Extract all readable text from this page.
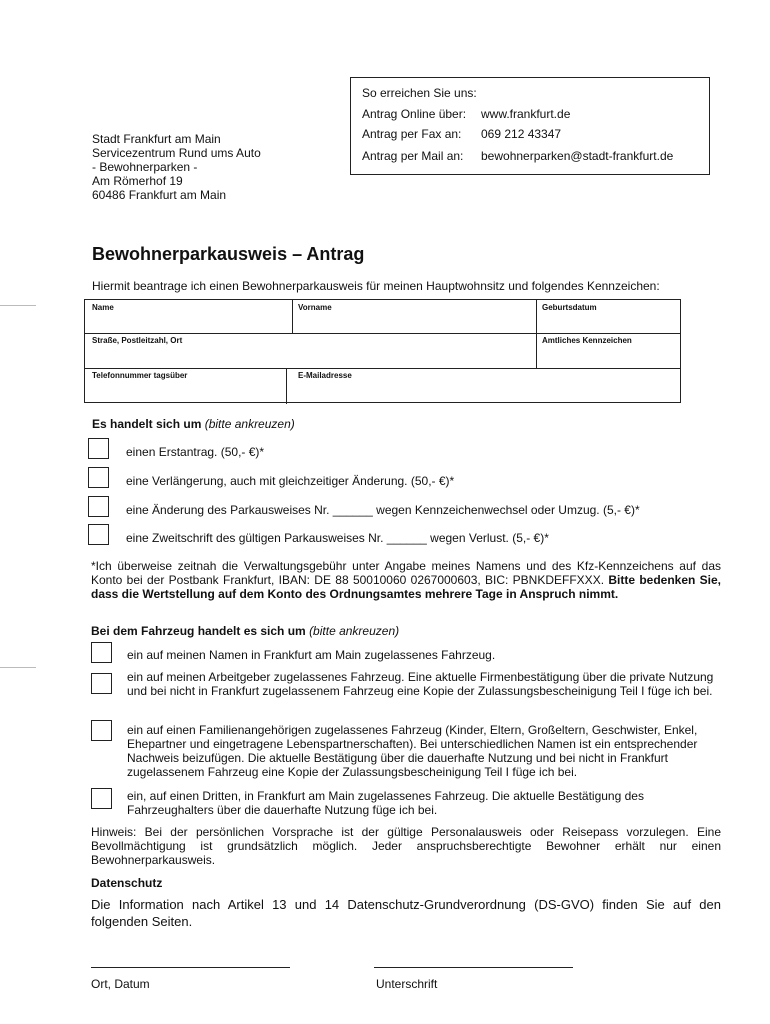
So erreichen Sie uns:
Antrag Online über: www.frankfurt.de
Antrag per Fax an: 069 212 43347
Antrag per Mail an: bewohnerparken@stadt-frankfurt.de
Stadt Frankfurt am Main
Servicezentrum Rund ums Auto
- Bewohnerparken -
Am Römerhof 19
60486 Frankfurt am Main
Bewohnerparkausweis – Antrag
Hiermit beantrage ich einen Bewohnerparkausweis für meinen Hauptwohnsitz und folgendes Kennzeichen:
Name	Vorname	Geburtsdatum
Straße, Postleitzahl, Ort	Amtliches Kennzeichen
Telefonnummer tagsüber	E-Mailadresse
Es handelt sich um (bitte ankreuzen)
einen Erstantrag. (50,- €)*
eine Verlängerung, auch mit gleichzeitiger Änderung. (50,- €)*
eine Änderung des Parkausweises Nr. ______ wegen Kennzeichenwechsel oder Umzug. (5,- €)*
eine Zweitschrift des gültigen Parkausweises Nr. ______ wegen Verlust. (5,- €)*
*Ich überweise zeitnah die Verwaltungsgebühr unter Angabe meines Namens und des Kfz-Kennzeichens auf das Konto bei der Postbank Frankfurt, IBAN: DE 88 50010060 0267000603, BIC: PBNKDEFFXXX. Bitte bedenken Sie, dass die Wertstellung auf dem Konto des Ordnungsamtes mehrere Tage in Anspruch nimmt.
Bei dem Fahrzeug handelt es sich um (bitte ankreuzen)
ein auf meinen Namen in Frankfurt am Main zugelassenes Fahrzeug.
ein auf meinen Arbeitgeber zugelassenes Fahrzeug. Eine aktuelle Firmenbestätigung über die private Nutzung und bei nicht in Frankfurt zugelassenem Fahrzeug eine Kopie der Zulassungsbescheinigung Teil I füge ich bei.
ein auf einen Familienangehörigen zugelassenes Fahrzeug (Kinder, Eltern, Großeltern, Geschwister, Enkel, Ehepartner und eingetragene Lebenspartnerschaften). Bei unterschiedlichen Namen ist ein entsprechender Nachweis beizufügen. Die aktuelle Bestätigung über die dauerhafte Nutzung und bei nicht in Frankfurt zugelassenem Fahrzeug eine Kopie der Zulassungsbescheinigung Teil I füge ich bei.
ein, auf einen Dritten, in Frankfurt am Main zugelassenes Fahrzeug. Die aktuelle Bestätigung des Fahrzeughalters über die dauerhafte Nutzung füge ich bei.
Hinweis: Bei der persönlichen Vorsprache ist der gültige Personalausweis oder Reisepass vorzulegen. Eine Bevollmächtigung ist grundsätzlich möglich. Jeder anspruchsberechtigte Bewohner erhält nur einen Bewohnerparkausweis.
Datenschutz
Die Information nach Artikel 13 und 14 Datenschutz-Grundverordnung (DS-GVO) finden Sie auf den folgenden Seiten.
Ort, Datum	Unterschrift
